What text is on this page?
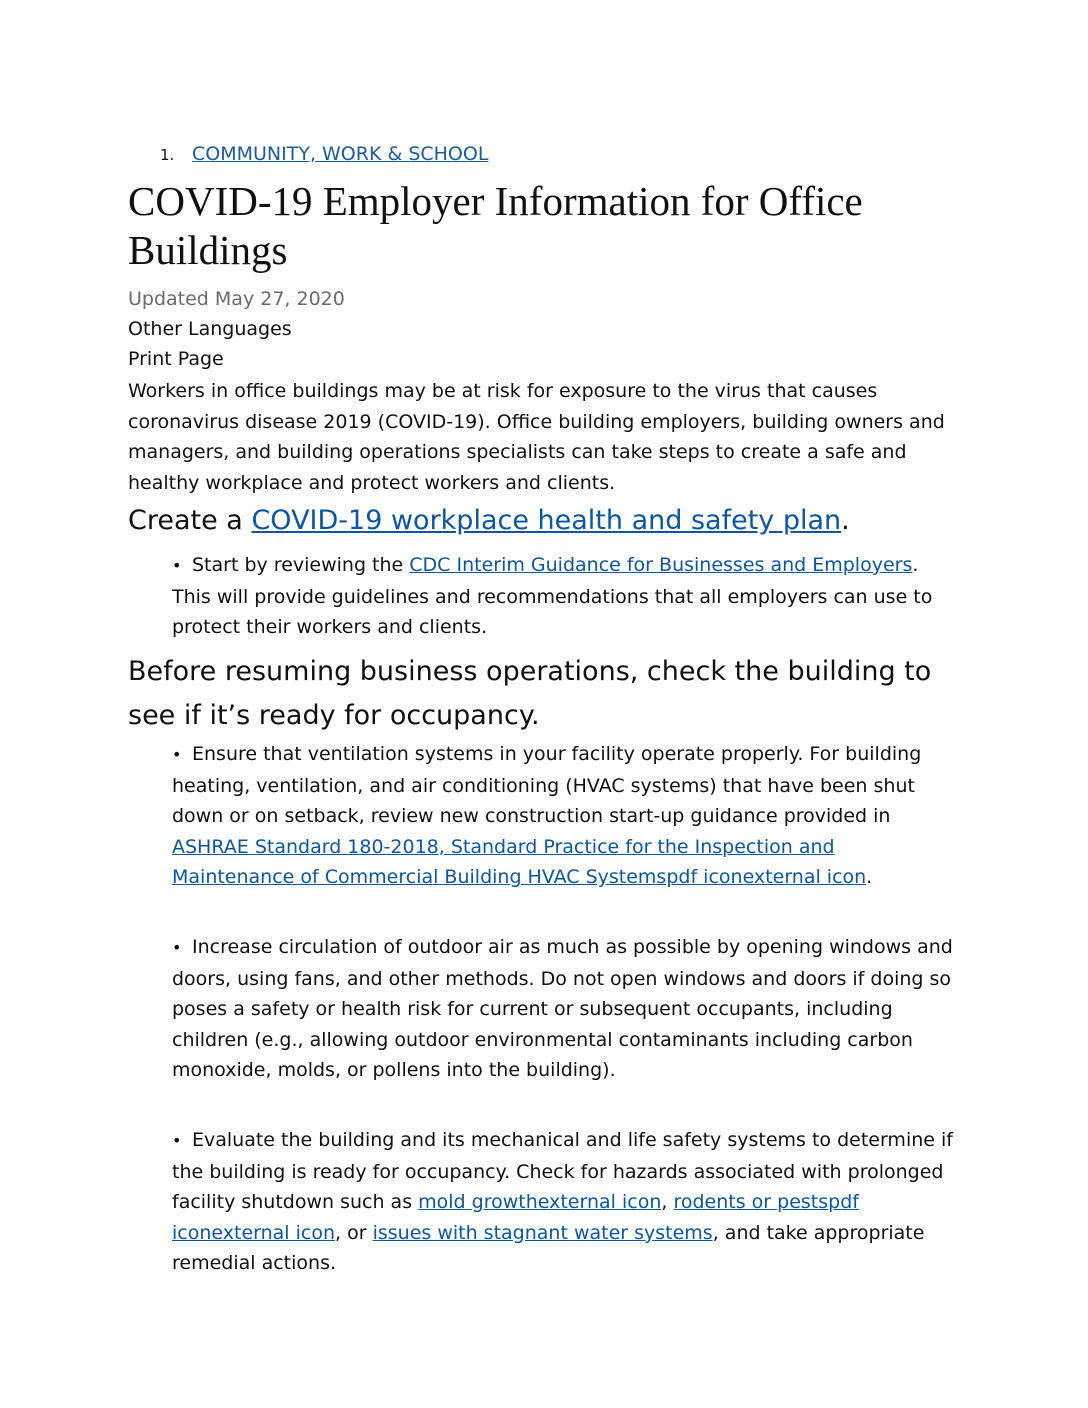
1. COMMUNITY, WORK & SCHOOL
COVID-19 Employer Information for Office Buildings
Updated May 27, 2020
Other Languages
Print Page

Workers in office buildings may be at risk for exposure to the virus that causes coronavirus disease 2019 (COVID-19). Office building employers, building owners and managers, and building operations specialists can take steps to create a safe and healthy workplace and protect workers and clients.

Create a COVID-19 workplace health and safety plan.

• Start by reviewing the CDC Interim Guidance for Businesses and Employers. This will provide guidelines and recommendations that all employers can use to protect their workers and clients.

Before resuming business operations, check the building to see if it’s ready for occupancy.

• Ensure that ventilation systems in your facility operate properly. For building heating, ventilation, and air conditioning (HVAC systems) that have been shut down or on setback, review new construction start-up guidance provided in ASHRAE Standard 180-2018, Standard Practice for the Inspection and Maintenance of Commercial Building HVAC Systemspdf iconexternal icon.

• Increase circulation of outdoor air as much as possible by opening windows and doors, using fans, and other methods. Do not open windows and doors if doing so poses a safety or health risk for current or subsequent occupants, including children (e.g., allowing outdoor environmental contaminants including carbon monoxide, molds, or pollens into the building).

• Evaluate the building and its mechanical and life safety systems to determine if the building is ready for occupancy. Check for hazards associated with prolonged facility shutdown such as mold growthexternal icon, rodents or pestspdf iconexternal icon, or issues with stagnant water systems, and take appropriate remedial actions.
